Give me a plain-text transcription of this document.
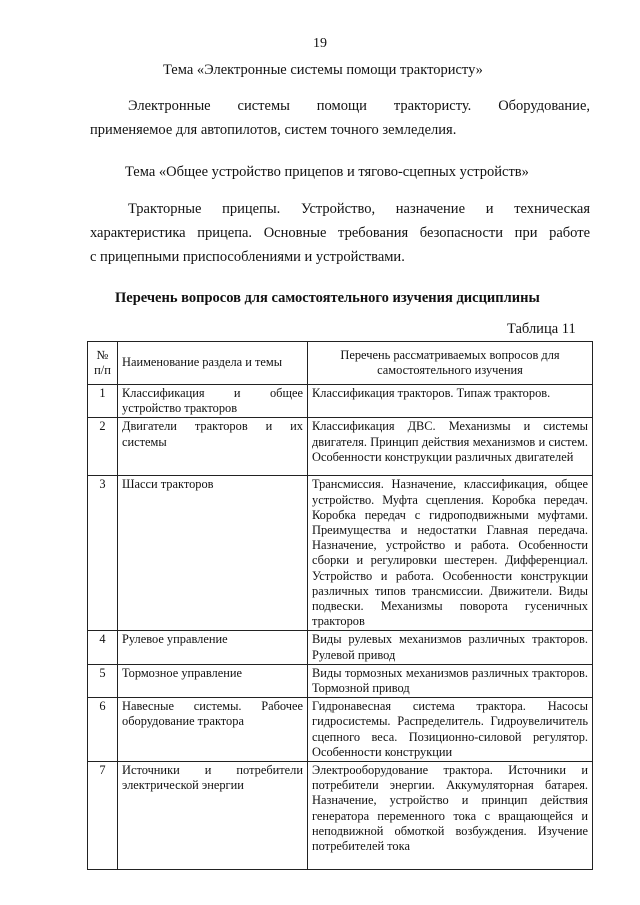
19
Тема «Электронные системы помощи трактористу»
Электронные системы помощи трактористу. Оборудование,
применяемое для автопилотов, систем точного земледелия.
Тема «Общее устройство прицепов и тягово-сцепных устройств»
Тракторные прицепы. Устройство, назначение и техническая
характеристика прицепа. Основные требования безопасности при работе
с прицепными приспособлениями и устройствами.
Перечень вопросов для самостоятельного изучения дисциплины
Таблица 11
№ п/п	Наименование раздела и темы	Перечень рассматриваемых вопросов для самостоятельного изучения
1	Классификация и общее устройство тракторов	Классификация тракторов. Типаж тракторов.
2	Двигатели тракторов и их системы	Классификация ДВС. Механизмы и системы двигателя. Принцип действия механизмов и систем. Особенности конструкции различных двигателей
3	Шасси тракторов	Трансмиссия. Назначение, классификация, общее устройство. Муфта сцепления. Коробка передач. Коробка передач с гидроподвижными муфтами. Преимущества и недостатки Главная передача. Назначение, устройство и работа. Особенности сборки и регулировки шестерен. Дифференциал. Устройство и работа. Особенности конструкции различных типов трансмиссии. Движители. Виды подвески. Механизмы поворота гусеничных тракторов
4	Рулевое управление	Виды рулевых механизмов различных тракторов. Рулевой привод
5	Тормозное управление	Виды тормозных механизмов различных тракторов. Тормозной привод
6	Навесные системы. Рабочее оборудование трактора	Гидронавесная система трактора. Насосы гидросистемы. Распределитель. Гидроувеличитель сцепного веса. Позиционно-силовой регулятор. Особенности конструкции
7	Источники и потребители электрической энергии	Электрооборудование трактора. Источники и потребители энергии. Аккумуляторная батарея. Назначение, устройство и принцип действия генератора переменного тока с вращающейся и неподвижной обмоткой возбуждения. Изучение потребителей тока
